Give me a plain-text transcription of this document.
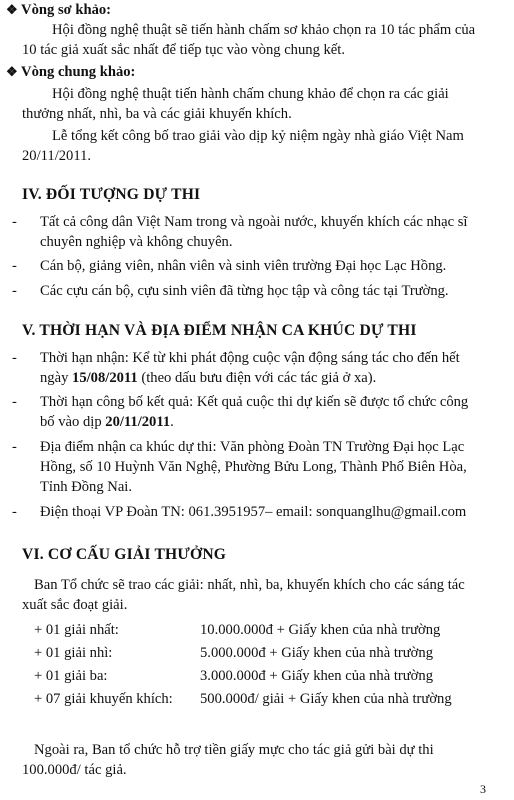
❖ Vòng sơ khảo:
Hội đồng nghệ thuật sẽ tiến hành chấm sơ khảo chọn ra 10 tác phẩm của
10 tác giả xuất sắc nhất để tiếp tục vào vòng chung kết.
❖ Vòng chung khảo:
Hội đồng nghệ thuật tiến hành chấm chung khảo để chọn ra các giải
thưởng nhất, nhì, ba và các giải khuyến khích.
Lễ tổng kết công bố trao giải vào dịp kỷ niệm ngày nhà giáo Việt Nam
20/11/2011.
IV. ĐỐI TƯỢNG DỰ THI
- Tất cả công dân Việt Nam trong và ngoài nước, khuyến khích các nhạc sĩ
chuyên nghiệp và không chuyên.
- Cán bộ, giảng viên, nhân viên và sinh viên trường Đại học Lạc Hồng.
- Các cựu cán bộ, cựu sinh viên đã từng học tập và công tác tại Trường.
V. THỜI HẠN VÀ ĐỊA ĐIỂM NHẬN CA KHÚC DỰ THI
- Thời hạn nhận: Kể từ khi phát động cuộc vận động sáng tác cho đến hết
ngày 15/08/2011 (theo dấu bưu điện với các tác giả ở xa).
- Thời hạn công bố kết quả: Kết quả cuộc thi dự kiến sẽ được tổ chức công
bố vào dịp 20/11/2011.
- Địa điểm nhận ca khúc dự thi: Văn phòng Đoàn TN Trường Đại học Lạc
Hồng, số 10 Huỳnh Văn Nghệ, Phường Bửu Long, Thành Phố Biên Hòa,
Tỉnh Đồng Nai.
- Điện thoại VP Đoàn TN: 061.3951957– email: sonquanglhu@gmail.com
VI. CƠ CẤU GIẢI THƯỞNG
Ban Tổ chức sẽ trao các giải: nhất, nhì, ba, khuyến khích cho các sáng tác
xuất sắc đoạt giải.
+ 01 giải nhất:	10.000.000đ + Giấy khen của nhà trường
+ 01 giải nhì:	5.000.000đ + Giấy khen của nhà trường
+ 01 giải ba:	3.000.000đ + Giấy khen của nhà trường
+ 07 giải khuyến khích: 500.000đ/ giải + Giấy khen của nhà trường
Ngoài ra, Ban tổ chức hỗ trợ tiền giấy mực cho tác giả gửi bài dự thi
100.000đ/ tác giả.
3
